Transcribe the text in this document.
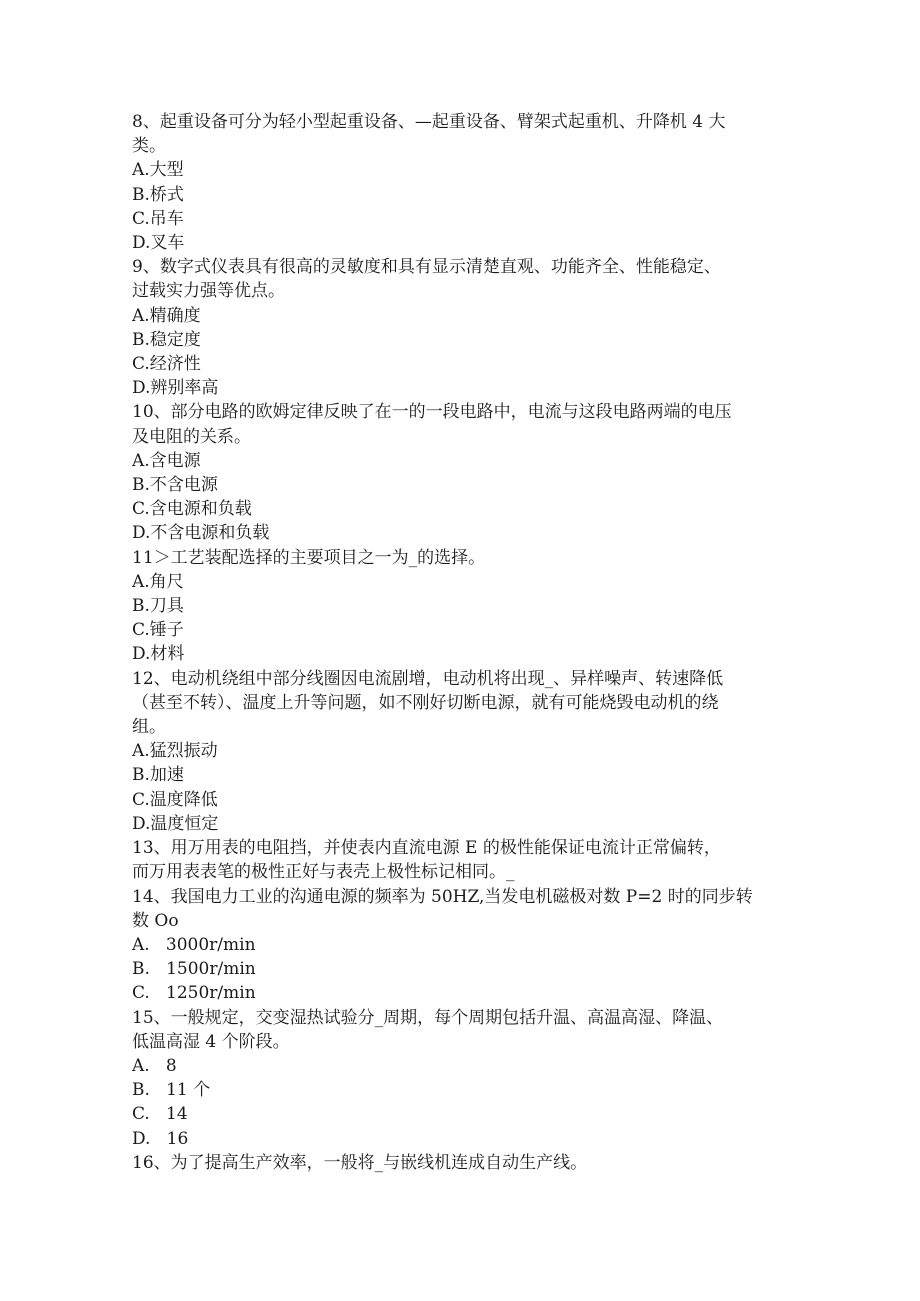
8、起重设备可分为轻小型起重设备、—起重设备、臂架式起重机、升降机 4 大
类。
A.大型
B.桥式
C.吊车
D.叉车
9、数字式仪表具有很高的灵敏度和具有显示清楚直观、功能齐全、性能稳定、
过载实力强等优点。
A.精确度
B.稳定度
C.经济性
D.辨别率高
10、部分电路的欧姆定律反映了在一的一段电路中，电流与这段电路两端的电压
及电阻的关系。
A.含电源
B.不含电源
C.含电源和负载
D.不含电源和负载
11＞工艺装配选择的主要项目之一为_的选择。
A.角尺
B.刀具
C.锤子
D.材料
12、电动机绕组中部分线圈因电流剧增，电动机将出现_、异样噪声、转速降低
（甚至不转）、温度上升等问题，如不刚好切断电源，就有可能烧毁电动机的绕
组。
A.猛烈振动
B.加速
C.温度降低
D.温度恒定
13、用万用表的电阻挡，并使表内直流电源 E 的极性能保证电流计正常偏转，
而万用表表笔的极性正好与表壳上极性标记相同。_
14、我国电力工业的沟通电源的频率为 50HZ,当发电机磁极对数 P=2 时的同步转
数 Oo
A.   3000r/min
B.   1500r/min
C.   1250r/min
15、一般规定，交变湿热试验分_周期，每个周期包括升温、高温高湿、降温、
低温高湿 4 个阶段。
A.   8
B.   11 个
C.   14
D.   16
16、为了提高生产效率，一般将_与嵌线机连成自动生产线。
